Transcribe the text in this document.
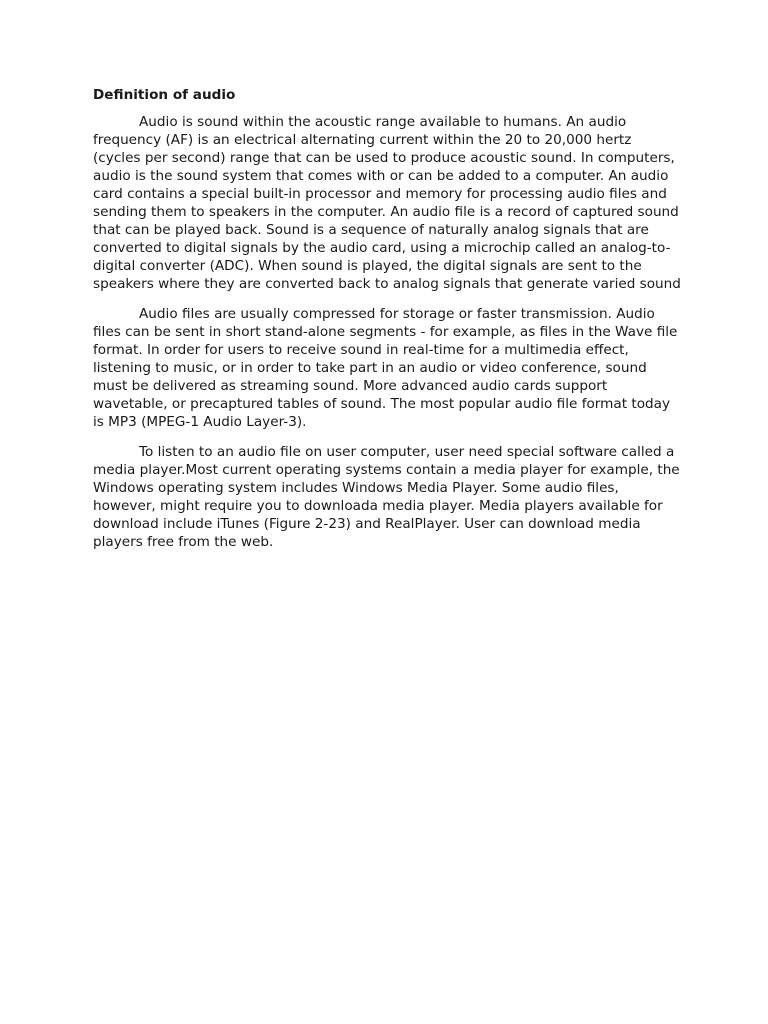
Definition of audio

Audio is sound within the acoustic range available to humans. An audio frequency (AF) is an electrical alternating current within the 20 to 20,000 hertz (cycles per second) range that can be used to produce acoustic sound. In computers, audio is the sound system that comes with or can be added to a computer. An audio card contains a special built-in processor and memory for processing audio files and sending them to speakers in the computer. An audio file is a record of captured sound that can be played back. Sound is a sequence of naturally analog signals that are converted to digital signals by the audio card, using a microchip called an analog-to-digital converter (ADC). When sound is played, the digital signals are sent to the speakers where they are converted back to analog signals that generate varied sound

Audio files are usually compressed for storage or faster transmission. Audio files can be sent in short stand-alone segments - for example, as files in the Wave file format. In order for users to receive sound in real-time for a multimedia effect, listening to music, or in order to take part in an audio or video conference, sound must be delivered as streaming sound. More advanced audio cards support wavetable, or precaptured tables of sound. The most popular audio file format today is MP3 (MPEG-1 Audio Layer-3).

To listen to an audio file on user computer, user need special software called a media player.Most current operating systems contain a media player for example, the Windows operating system includes Windows Media Player. Some audio files, however, might require you to downloada media player. Media players available for download include iTunes (Figure 2-23) and RealPlayer. User can download media players free from the web.
